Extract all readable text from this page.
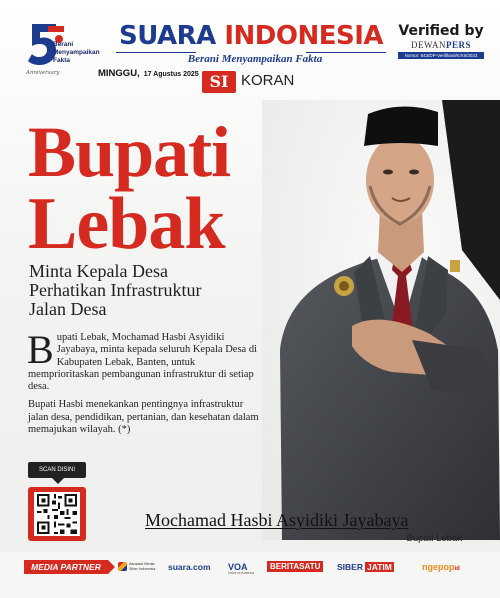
Berani
Menyampaikan
Fakta
Anniversary
SUARA INDONESIA
Berani Menyampaikan Fakta
Verified by
DEWANPERS
Nomor: 843/DP-Verifikasi/K/XII/2023
MINGGU, 17 Agustus 2025 SI KORAN
Bupati
Lebak
Minta Kepala Desa
Perhatikan Infrastruktur
Jalan Desa

Bupati Lebak, Mochamad Hasbi Asyidiki Jayabaya, minta kepada seluruh Kepala Desa di Kabupaten Lebak, Banten, untuk memprioritaskan pembangunan infrastruktur di setiap desa.

Bupati Hasbi menekankan pentingnya infrastruktur jalan desa, pendidikan, pertanian, dan kesehatan dalam memajukan wilayah. (*)

SCAN DISINI
Mochamad Hasbi Asyidiki Jayabaya
Bupati Lebak
MEDIA PARTNER	Asosiasi Media Siber Indonesia	suara.com VOA
Voice of America
BERITASATU	SIBER JATIM	ngepopid
